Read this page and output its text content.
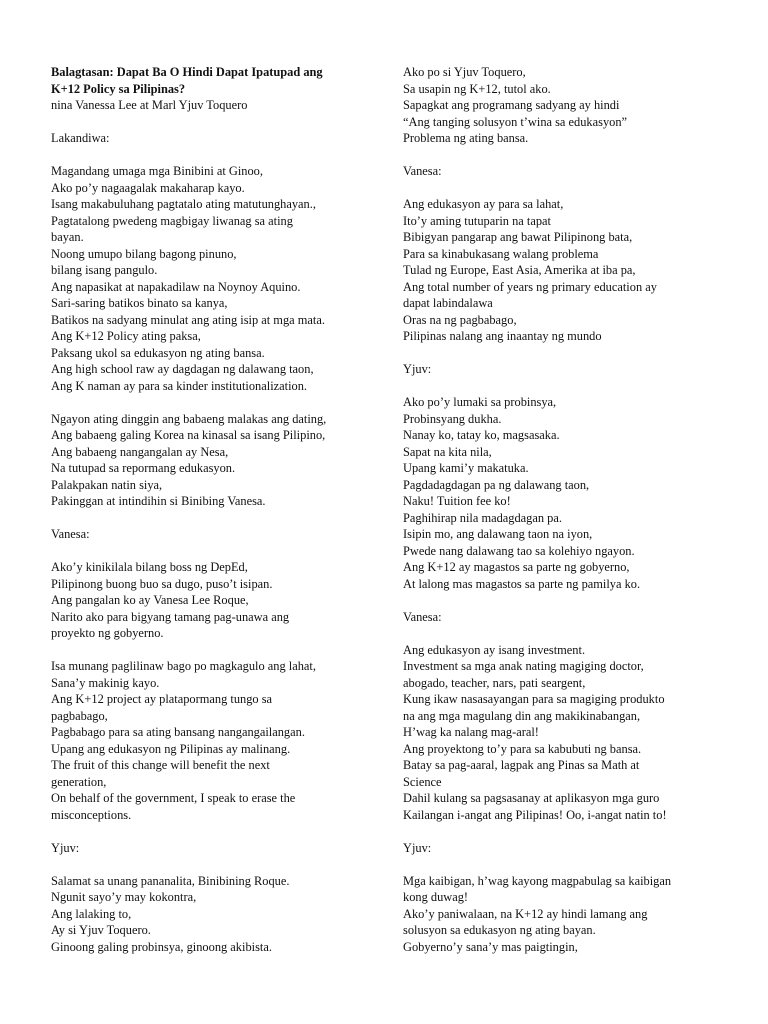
Balagtasan: Dapat Ba O Hindi Dapat Ipatupad ang
K+12 Policy sa Pilipinas?
nina Vanessa Lee at Marl Yjuv Toquero
Lakandiwa:
Magandang umaga mga Binibini at Ginoo,
Ako po’y nagaagalak makaharap kayo.
Isang makabuluhang pagtatalo ating matutunghayan.,
Pagtatalong pwedeng magbigay liwanag sa ating
bayan.
Noong umupo bilang bagong pinuno,
bilang isang pangulo.
Ang napasikat at napakadilaw na Noynoy Aquino.
Sari-saring batikos binato sa kanya,
Batikos na sadyang minulat ang ating isip at mga mata.
Ang K+12 Policy ating paksa,
Paksang ukol sa edukasyon ng ating bansa.
Ang high school raw ay dagdagan ng dalawang taon,
Ang K naman ay para sa kinder institutionalization.
Ngayon ating dinggin ang babaeng malakas ang dating,
Ang babaeng galing Korea na kinasal sa isang Pilipino,
Ang babaeng nangangalan ay Nesa,
Na tutupad sa repormang edukasyon.
Palakpakan natin siya,
Pakinggan at intindihin si Binibing Vanesa.
Vanesa:
Ako’y kinikilala bilang boss ng DepEd,
Pilipinong buong buo sa dugo, puso’t isipan.
Ang pangalan ko ay Vanesa Lee Roque,
Narito ako para bigyang tamang pag-unawa ang
proyekto ng gobyerno.
Isa munang paglilinaw bago po magkagulo ang lahat,
Sana’y makinig kayo.
Ang K+12 project ay platapormang tungo sa
pagbabago,
Pagbabago para sa ating bansang nangangailangan.
Upang ang edukasyon ng Pilipinas ay malinang.
The fruit of this change will benefit the next
generation,
On behalf of the government, I speak to erase the
misconceptions.
Yjuv:
Salamat sa unang pananalita, Binibining Roque.
Ngunit sayo’y may kokontra,
Ang lalaking to,
Ay si Yjuv Toquero.
Ginoong galing probinsya, ginoong akibista.
Ako po si Yjuv Toquero,
Sa usapin ng K+12, tutol ako.
Sapagkat ang programang sadyang ay hindi
“Ang tanging solusyon t’wina sa edukasyon”
Problema ng ating bansa.
Vanesa:
Ang edukasyon ay para sa lahat,
Ito’y aming tutuparin na tapat
Bibigyan pangarap ang bawat Pilipinong bata,
Para sa kinabukasang walang problema
Tulad ng Europe, East Asia, Amerika at iba pa,
Ang total number of years ng primary education ay
dapat labindalawa
Oras na ng pagbabago,
Pilipinas nalang ang inaantay ng mundo
Yjuv:
Ako po’y lumaki sa probinsya,
Probinsyang dukha.
Nanay ko, tatay ko, magsasaka.
Sapat na kita nila,
Upang kami’y makatuka.
Pagdadagdagan pa ng dalawang taon,
Naku! Tuition fee ko!
Paghihirap nila madagdagan pa.
Isipin mo, ang dalawang taon na iyon,
Pwede nang dalawang tao sa kolehiyo ngayon.
Ang K+12 ay magastos sa parte ng gobyerno,
At lalong mas magastos sa parte ng pamilya ko.
Vanesa:
Ang edukasyon ay isang investment.
Investment sa mga anak nating magiging doctor,
abogado, teacher, nars, pati seargent,
Kung ikaw nasasayangan para sa magiging produkto
na ang mga magulang din ang makikinabangan,
H’wag ka nalang mag-aral!
Ang proyektong to’y para sa kabubuti ng bansa.
Batay sa pag-aaral, lagpak ang Pinas sa Math at
Science
Dahil kulang sa pagsasanay at aplikasyon mga guro
Kailangan i-angat ang Pilipinas! Oo, i-angat natin to!
Yjuv:
Mga kaibigan, h’wag kayong magpabulag sa kaibigan
kong duwag!
Ako’y paniwalaan, na K+12 ay hindi lamang ang
solusyon sa edukasyon ng ating bayan.
Gobyerno’y sana’y mas paigtingin,
